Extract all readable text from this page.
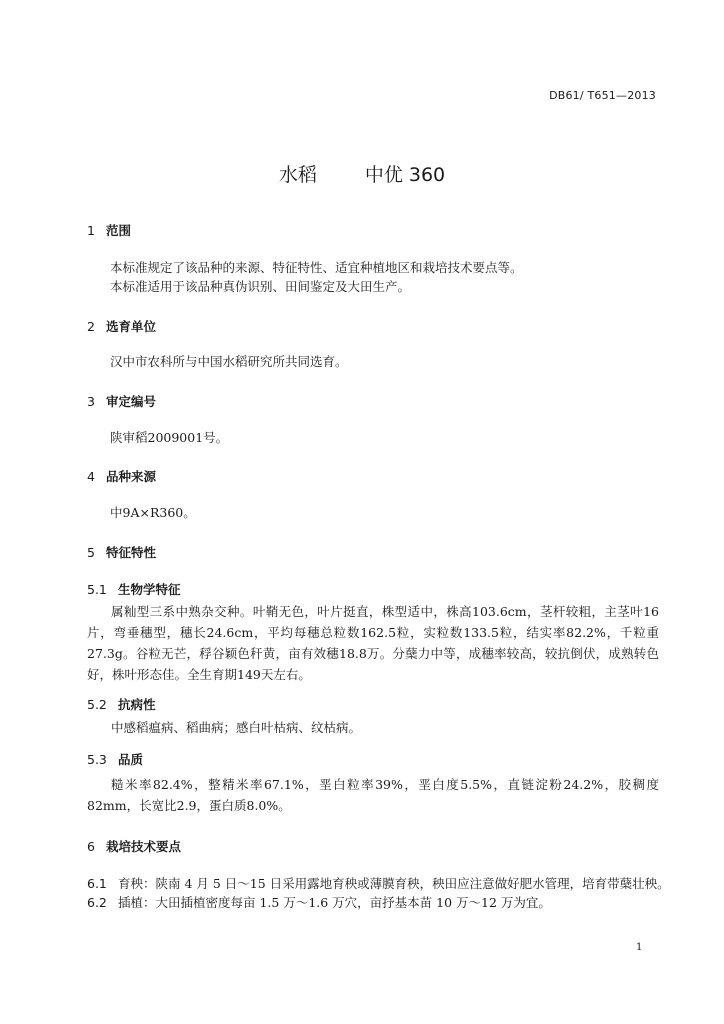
DB61/ T651—2013
水稻	中优 360
1 范围
本标准规定了该品种的来源、特征特性、适宜种植地区和栽培技术要点等。
本标准适用于该品种真伪识别、田间鉴定及大田生产。
2 选育单位
汉中市农科所与中国水稻研究所共同选育。
3 审定编号
陕审稻2009001号。
4 品种来源
中9A×R360。
5 特征特性
5.1 生物学特征
属籼型三系中熟杂交种。叶鞘无色，叶片挺直，株型适中，株高103.6cm，茎杆较粗，主茎叶16片，弯垂穗型，穗长24.6cm，平均每穗总粒数162.5粒，实粒数133.5粒，结实率82.2%，千粒重27.3g。谷粒无芒，稃谷颖色秆黄，亩有效穗18.8万。分蘖力中等，成穗率较高，较抗倒伏，成熟转色好，株叶形态佳。全生育期149天左右。
5.2 抗病性
中感稻瘟病、稻曲病；感白叶枯病、纹枯病。
5.3 品质
糙米率82.4%，整精米率67.1%，垩白粒率39%，垩白度5.5%，直链淀粉24.2%，胶稠度82mm，长宽比2.9，蛋白质8.0%。
6 栽培技术要点
6.1 育秧：陕南 4 月 5 日～15 日采用露地育秧或薄膜育秧，秧田应注意做好肥水管理，培育带蘖壮秧。
6.2 插植：大田插植密度每亩 1.5 万～1.6 万穴，亩抒基本苗 10 万～12 万为宜。
1
